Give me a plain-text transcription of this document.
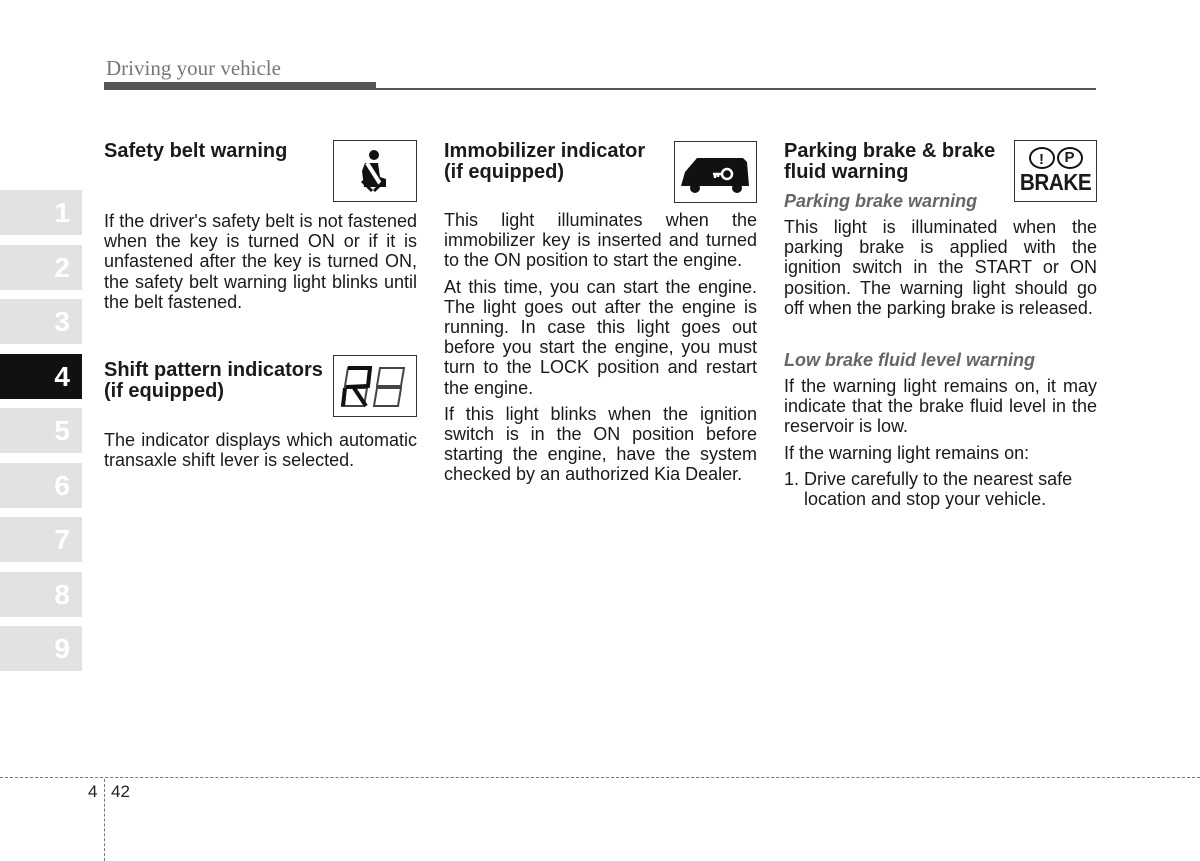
Driving your vehicle
1
2
3
4
5
6
7
8
9
Safety belt warning

If the driver's safety belt is not fastened when the key is turned ON or if it is unfastened after the key is turned ON, the safety belt warning light blinks until the belt fastened.

Shift pattern indicators
(if equipped)

The indicator displays which automatic transaxle shift lever is selected.

Immobilizer indicator
(if equipped)

This light illuminates when the immobilizer key is inserted and turned to the ON position to start the engine.

At this time, you can start the engine. The light goes out after the engine is running. In case this light goes out before you start the engine, you must turn to the LOCK position and restart the engine.

If this light blinks when the ignition switch is in the ON position before starting the engine, have the system checked by an authorized Kia Dealer.

Parking brake & brake
fluid warning
Parking brake warning

This light is illuminated when the parking brake is applied with the ignition switch in the START or ON position. The warning light should go off when the parking brake is released.

Low brake fluid level warning

If the warning light remains on, it may indicate that the brake fluid level in the reservoir is low.

If the warning light remains on:

1. Drive carefully to the nearest safe location and stop your vehicle.
!	P
BRAKE
4 42
